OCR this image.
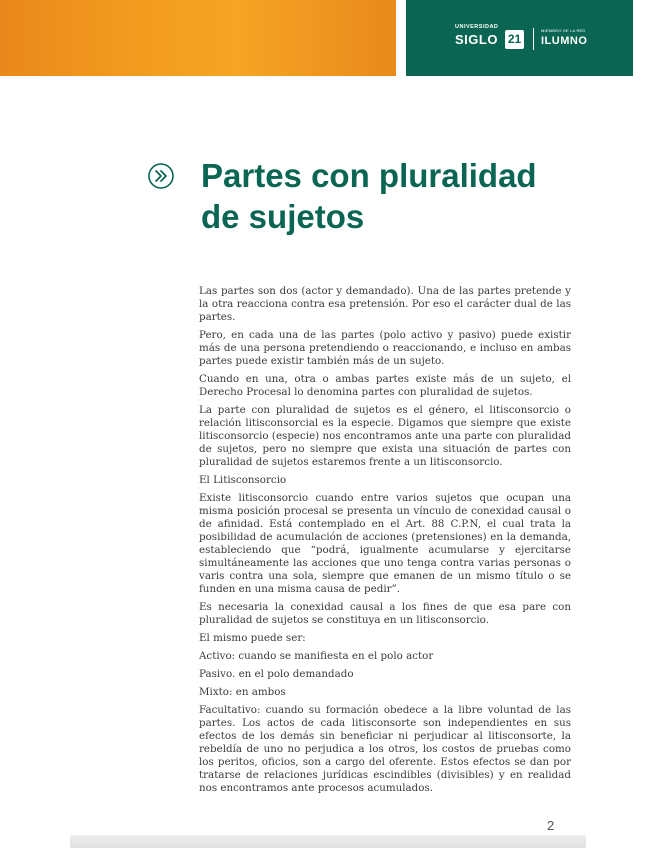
UNIVERSIDAD
SIGLO 21
MIEMBRO DE LA RED
ILUMNO
Partes con pluralidad
de sujetos

Las partes son dos (actor y demandado). Una de las partes pretende y la otra reacciona contra esa pretensión. Por eso el carácter dual de las partes.

Pero, en cada una de las partes (polo activo y pasivo) puede existir más de una persona pretendiendo o reaccionando, e incluso en ambas partes puede existir también más de un sujeto.

Cuando en una, otra o ambas partes existe más de un sujeto, el Derecho Procesal lo denomina partes con pluralidad de sujetos.

La parte con pluralidad de sujetos es el género, el litisconsorcio o relación litisconsorcial es la especie. Digamos que siempre que existe litisconsorcio (especie) nos encontramos ante una parte con pluralidad de sujetos, pero no siempre que exista una situación de partes con pluralidad de sujetos estaremos frente a un litisconsorcio.

El Litisconsorcio

Existe litisconsorcio cuando entre varios sujetos que ocupan una misma posición procesal se presenta un vínculo de conexidad causal o de afinidad. Está contemplado en el Art. 88 C.P.N, el cual trata la posibilidad de acumulación de acciones (pretensiones) en la demanda, estableciendo que “podrá, igualmente acumularse y ejercitarse simultáneamente las acciones que uno tenga contra varias personas o varis contra una sola, siempre que emanen de un mismo título o se funden en una misma causa de pedir”.

Es necesaria la conexidad causal a los fines de que esa pare con pluralidad de sujetos se constituya en un litisconsorcio.

El mismo puede ser:

Activo: cuando se manifiesta en el polo actor

Pasivo. en el polo demandado

Mixto: en ambos

Facultativo: cuando su formación obedece a la libre voluntad de las partes. Los actos de cada litisconsorte son independientes en sus efectos de los demás sin beneficiar ni perjudicar al litisconsorte, la rebeldía de uno no perjudica a los otros, los costos de pruebas como los peritos, oficios, son a cargo del oferente. Estos efectos se dan por tratarse de relaciones jurídicas escindibles (divisibles) y en realidad nos encontramos ante procesos acumulados.

2
